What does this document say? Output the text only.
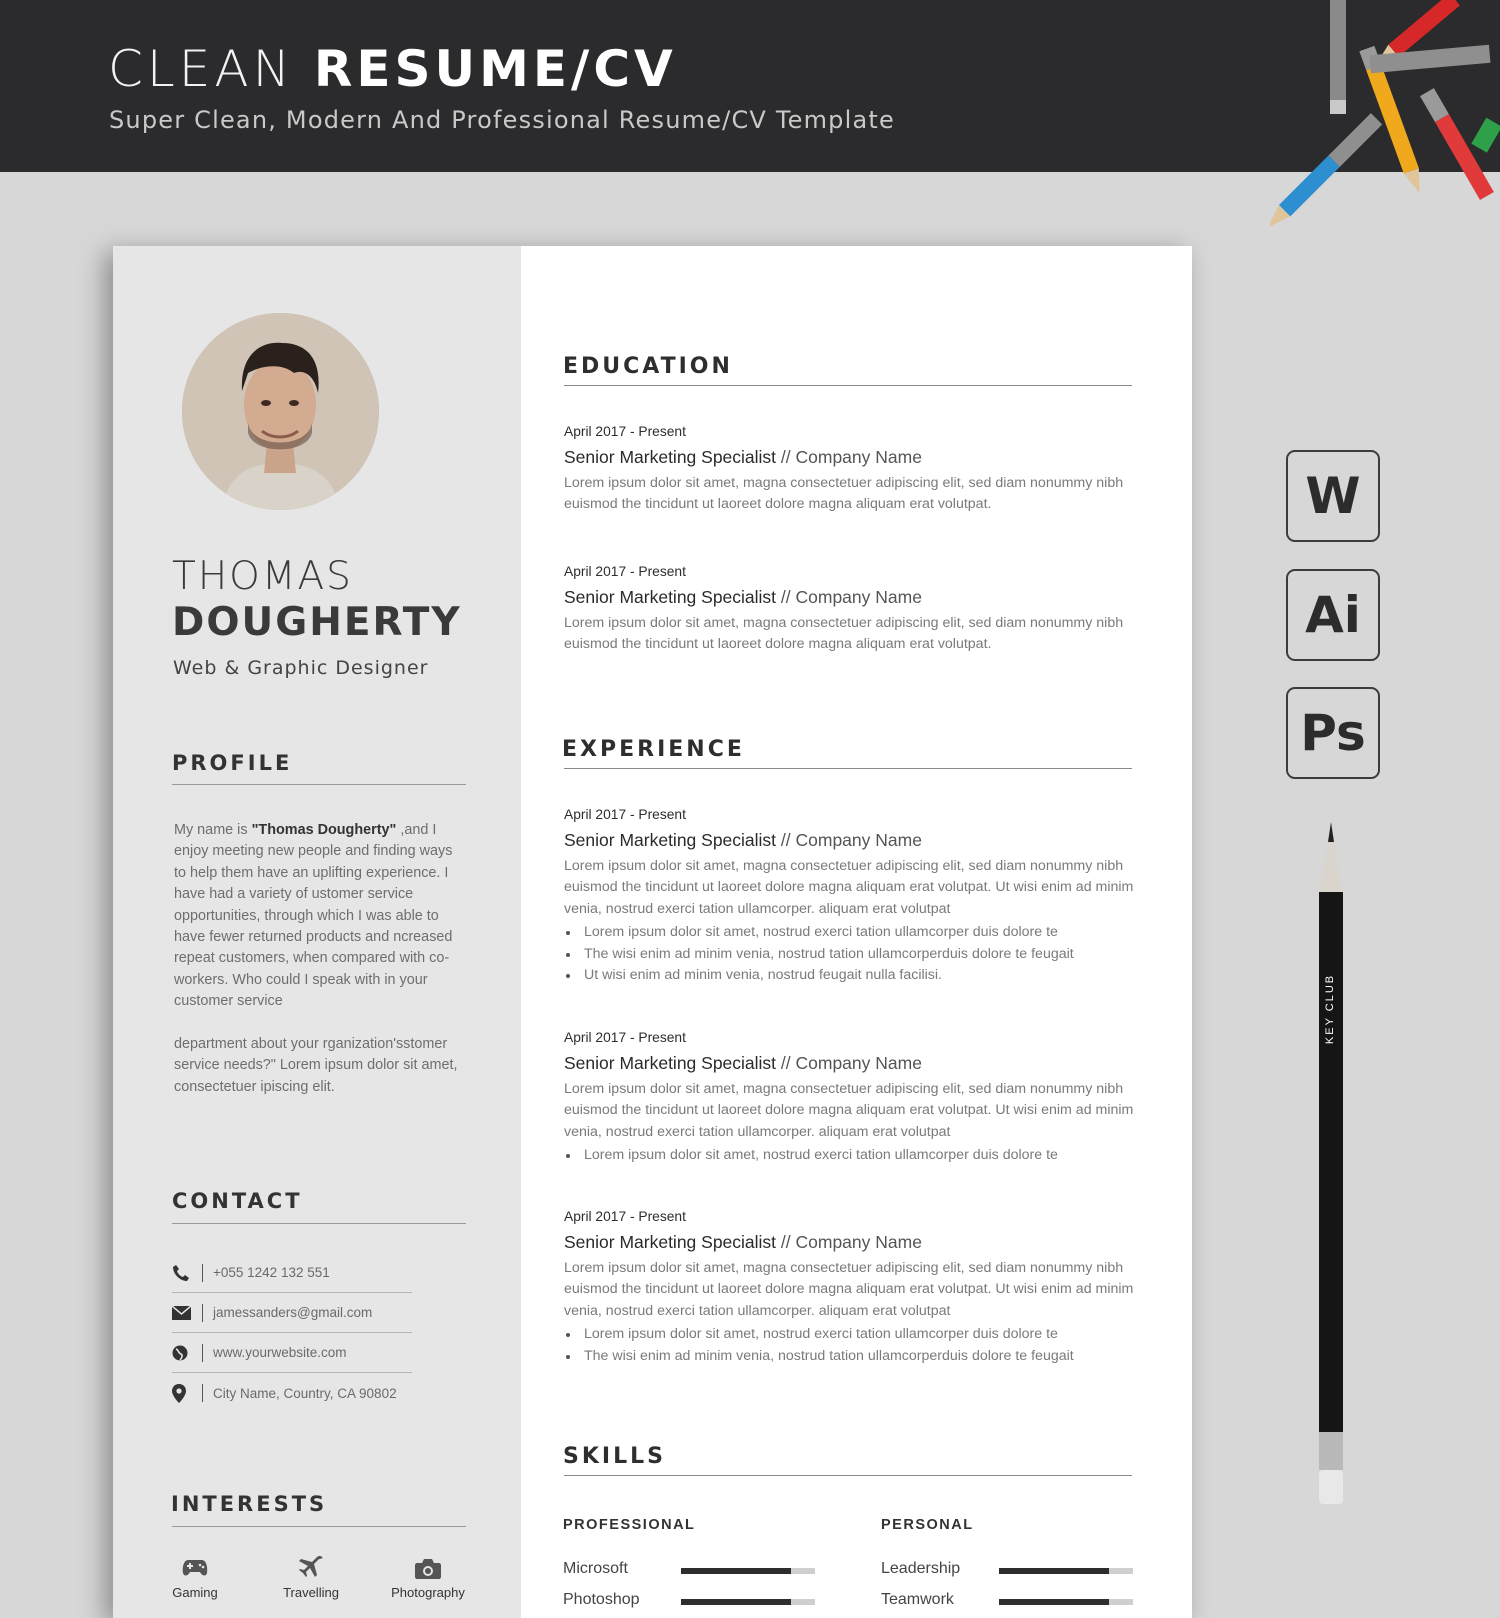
CLEAN RESUME/CV
Super Clean, Modern And Professional Resume/CV Template
THOMAS
DOUGHERTY
Web & Graphic Designer
PROFILE
My name is "Thomas Dougherty" ,and I enjoy meeting new people and finding ways to help them have an uplifting experience. I have had a variety of ustomer service opportunities, through which I was able to have fewer returned products and ncreased repeat customers, when compared with co-workers. Who could I speak with in your customer service
department about your rganization'sstomer service needs?" Lorem ipsum dolor sit amet, consectetuer ipiscing elit.
CONTACT
+055 1242 132 551
jamessanders@gmail.com
www.yourwebsite.com
City Name, Country, CA 90802
INTERESTS
Gaming	Travelling	Photography
EDUCATION
April 2017 - Present
Senior Marketing Specialist // Company Name
Lorem ipsum dolor sit amet, magna consectetuer adipiscing elit, sed diam nonummy nibh euismod the tincidunt ut laoreet dolore magna aliquam erat volutpat.
April 2017 - Present
Senior Marketing Specialist // Company Name
Lorem ipsum dolor sit amet, magna consectetuer adipiscing elit, sed diam nonummy nibh euismod the tincidunt ut laoreet dolore magna aliquam erat volutpat.
EXPERIENCE
April 2017 - Present
Senior Marketing Specialist // Company Name
Lorem ipsum dolor sit amet, magna consectetuer adipiscing elit, sed diam nonummy nibh euismod the tincidunt ut laoreet dolore magna aliquam erat volutpat. Ut wisi enim ad minim venia, nostrud exerci tation ullamcorper. aliquam erat volutpat
Lorem ipsum dolor sit amet, nostrud exerci tation ullamcorper duis dolore te
The wisi enim ad minim venia, nostrud tation ullamcorperduis dolore te feugait
Ut wisi enim ad minim venia, nostrud feugait nulla facilisi.
April 2017 - Present
Senior Marketing Specialist // Company Name
Lorem ipsum dolor sit amet, magna consectetuer adipiscing elit, sed diam nonummy nibh euismod the tincidunt ut laoreet dolore magna aliquam erat volutpat. Ut wisi enim ad minim venia, nostrud exerci tation ullamcorper. aliquam erat volutpat
Lorem ipsum dolor sit amet, nostrud exerci tation ullamcorper duis dolore te
April 2017 - Present
Senior Marketing Specialist // Company Name
Lorem ipsum dolor sit amet, magna consectetuer adipiscing elit, sed diam nonummy nibh euismod the tincidunt ut laoreet dolore magna aliquam erat volutpat. Ut wisi enim ad minim venia, nostrud exerci tation ullamcorper. aliquam erat volutpat
Lorem ipsum dolor sit amet, nostrud exerci tation ullamcorper duis dolore te
The wisi enim ad minim venia, nostrud tation ullamcorperduis dolore te feugait
SKILLS
PROFESSIONAL	PERSONAL
Microsoft
Photoshop
Leadership
Teamwork
W
Ai
Ps
KEY CLUB
